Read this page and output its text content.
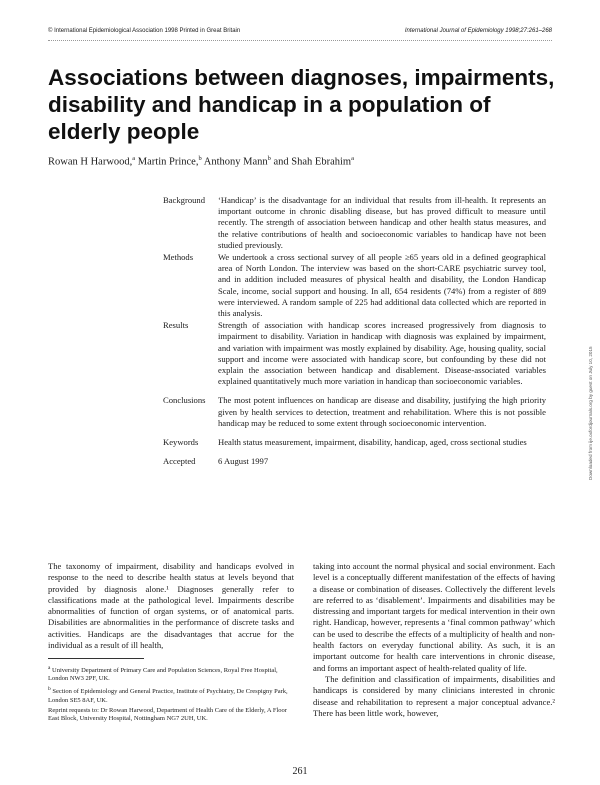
© International Epidemiological Association 1998 Printed in Great Britain	International Journal of Epidemiology 1998;27:261–268
Associations between diagnoses, impairments, disability and handicap in a population of elderly people
Rowan H Harwood,$^a$ Martin Prince,$^b$ Anthony Mann$^b$ and Shah Ebrahim$^a$
Background	‘Handicap’ is the disadvantage for an individual that results from ill-health. It represents an important outcome in chronic disabling disease, but has proved difficult to measure until recently. The strength of association between handicap and other health status measures, and the relative contributions of health and socioeconomic variables to handicap have not been studied previously.
Methods	We undertook a cross sectional survey of all people ≥65 years old in a defined geographical area of North London. The interview was based on the short-CARE psychiatric survey tool, and in addition included measures of physical health and disability, the London Handicap Scale, income, social support and housing. In all, 654 residents (74%) from a register of 889 were interviewed. A random sample of 225 had additional data collected which are reported in this analysis.
Results	Strength of association with handicap scores increased progressively from diagnosis to impairment to disability. Variation in handicap with diagnosis was explained by impairment, and variation with impairment was mostly explained by disability. Age, housing quality, social support and income were associated with handicap score, but confounding by these did not explain the association between handicap and disablement. Disease-associated variables explained quantitatively much more variation in handicap than socioeconomic variables.
Conclusions	The most potent influences on handicap are disease and disability, justifying the high priority given by health services to detection, treatment and rehabilitation. Where this is not possible handicap may be reduced to some extent through socioeconomic intervention.
Keywords	Health status measurement, impairment, disability, handicap, aged, cross sectional studies
Accepted	6 August 1997

The taxonomy of impairment, disability and handicaps evolved in response to the need to describe health status at levels beyond that provided by diagnosis alone.¹ Diagnoses generally refer to classifications made at the pathological level. Impairments describe abnormalities of function of organ systems, or of anatomical parts. Disabilities are abnormalities in the performance of discrete tasks and activities. Handicaps are the disadvantages that accrue for the individual as a result of ill health,

taking into account the normal physical and social environment. Each level is a conceptually different manifestation of the effects of having a disease or combination of diseases. Collectively the different levels are referred to as ‘disablement’. Impairments and disabilities may be distressing and important targets for medical intervention in their own right. Handicap, however, represents a ‘final common pathway’ which can be used to describe the effects of a multiplicity of health and non-health factors on everyday functional ability. As such, it is an important outcome for health care interventions in chronic disease, and forms an important aspect of health-related quality of life.

The definition and classification of impairments, disabilities and handicaps is considered by many clinicians interested in chronic disease and rehabilitation to represent a major conceptual advance.² There has been little work, however,

$^a$ University Department of Primary Care and Population Sciences, Royal Free Hospital, London NW3 2PF, UK.

$^b$ Section of Epidemiology and General Practice, Institute of Psychiatry, De Crespigny Park, London SE5 8AF, UK.

Reprint requests to: Dr Rowan Harwood, Department of Health Care of the Elderly, A Floor East Block, University Hospital, Nottingham NG7 2UH, UK.

261
Downloaded from ije.oxfordjournals.org by guest on July 10, 2015
